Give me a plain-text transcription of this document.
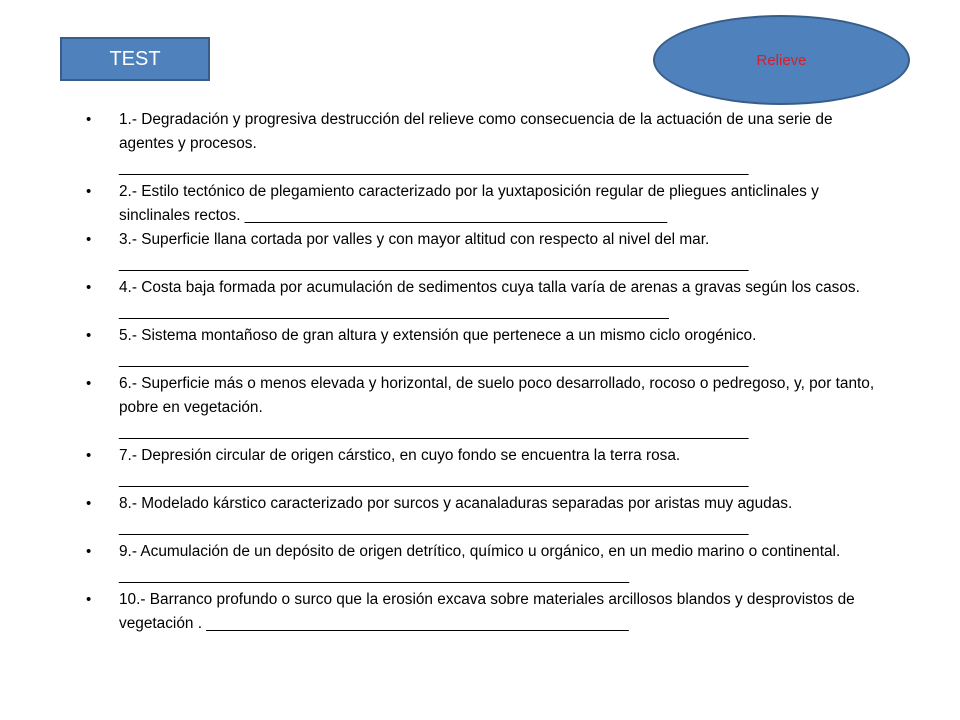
TEST	Relieve
•	1.- Degradación y progresiva destrucción del relieve como consecuencia de la actuación de una serie de agentes y procesos. _______________________________________________________________________________
•	2.- Estilo tectónico de plegamiento caracterizado por la yuxtaposición regular de pliegues anticlinales y sinclinales rectos. _____________________________________________________
•	3.- Superficie llana cortada por valles y con mayor altitud con respecto al nivel del mar. _______________________________________________________________________________
•	4.- Costa baja formada por acumulación de sedimentos cuya talla varía de arenas a gravas según los casos. _____________________________________________________________________
•	5.- Sistema montañoso de gran altura y extensión que pertenece a un mismo ciclo orogénico. _______________________________________________________________________________
•	6.- Superficie más o menos elevada y horizontal, de suelo poco desarrollado, rocoso o pedregoso, y, por tanto, pobre en vegetación. _______________________________________________________________________________
•	7.- Depresión circular de origen cárstico, en cuyo fondo se encuentra la terra rosa. _______________________________________________________________________________
•	8.- Modelado kárstico caracterizado por surcos y acanaladuras separadas por aristas muy agudas. _______________________________________________________________________________
•	9.- Acumulación de un depósito de origen detrítico, químico u orgánico, en un medio marino o continental. ________________________________________________________________
•	10.- Barranco profundo o surco que la erosión excava sobre materiales arcillosos blandos y desprovistos de vegetación . _____________________________________________________
